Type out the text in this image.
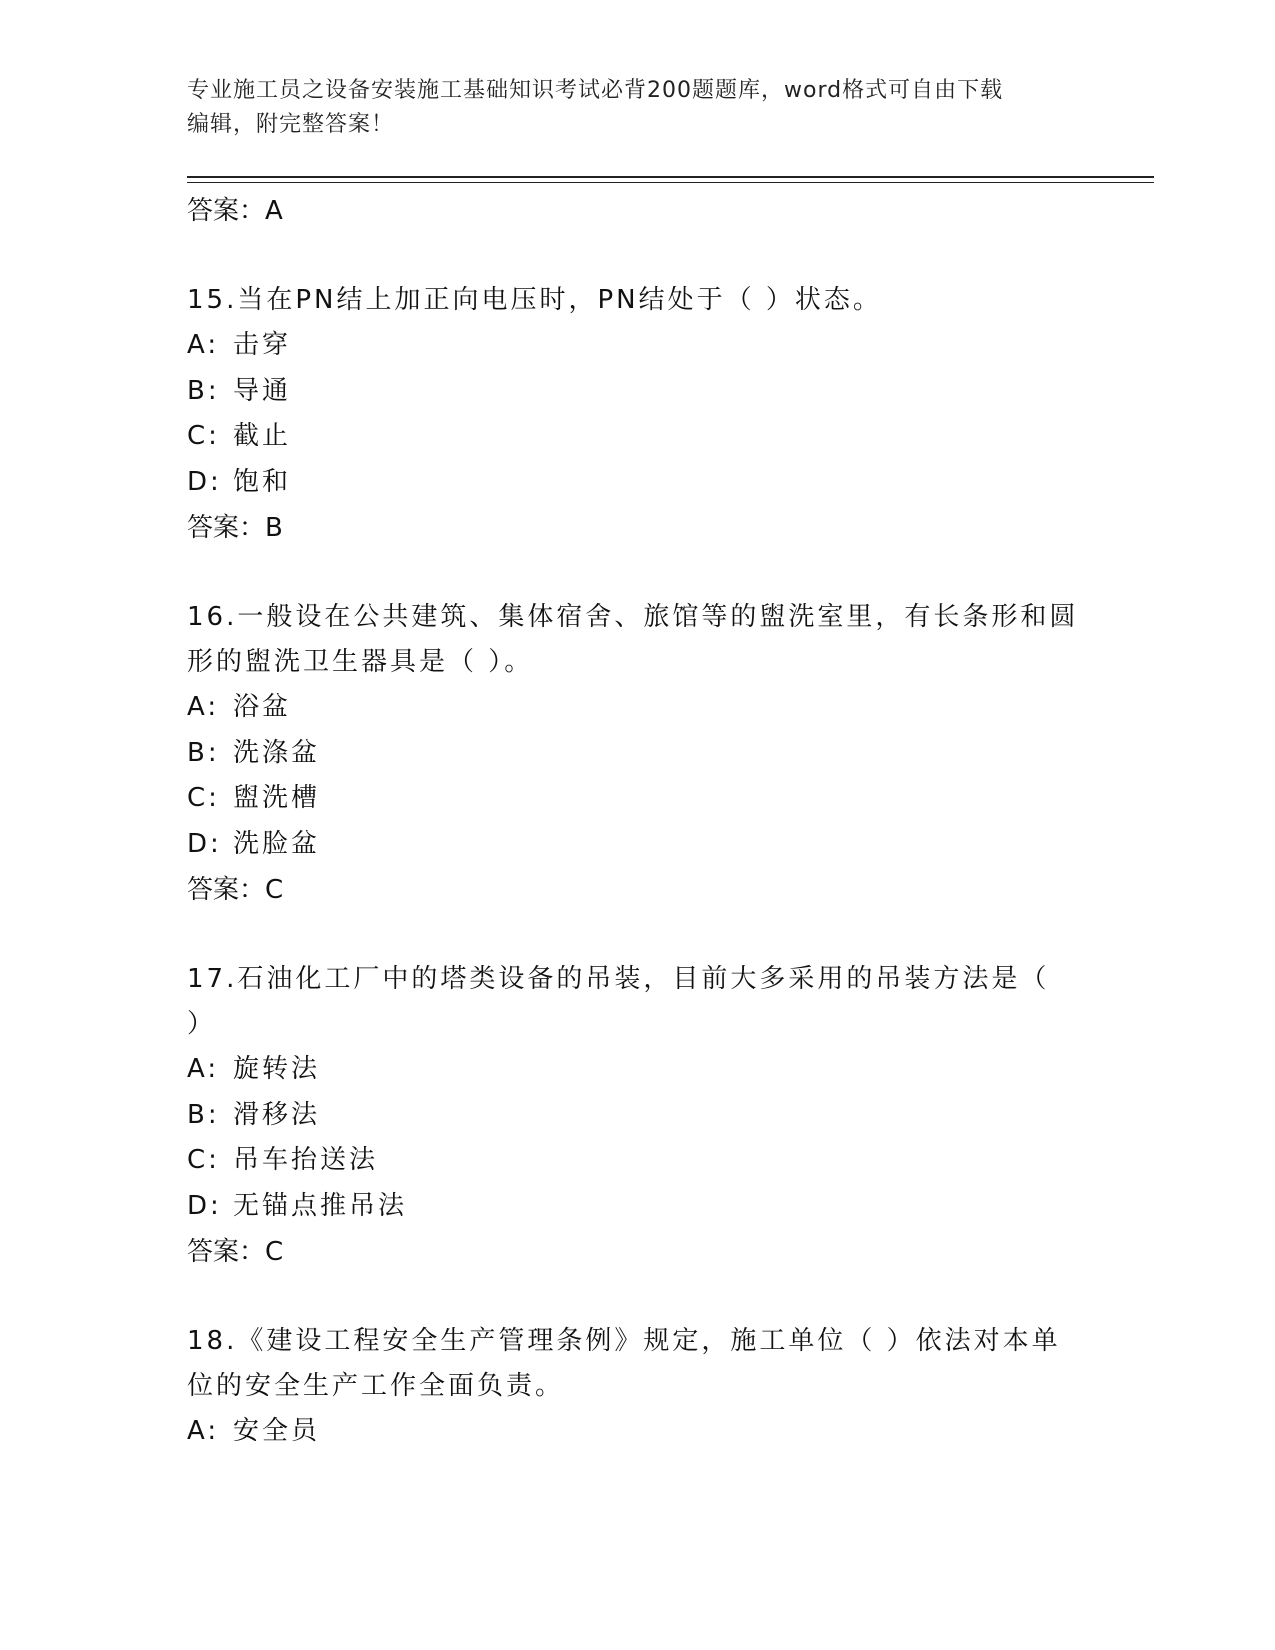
专业施工员之设备安装施工基础知识考试必背200题题库，word格式可自由下载
编辑，附完整答案！

答案：A

15.当在PN结上加正向电压时，PN结处于（ ）状态。

A: 击穿

B: 导通

C: 截止

D: 饱和

答案：B

16.一般设在公共建筑、集体宿舍、旅馆等的盥洗室里，有长条形和圆

形的盥洗卫生器具是（ ）。

A: 浴盆

B: 洗涤盆

C: 盥洗槽

D: 洗脸盆

答案：C

17.石油化工厂中的塔类设备的吊装，目前大多采用的吊装方法是（

）

A: 旋转法

B: 滑移法

C: 吊车抬送法

D: 无锚点推吊法

答案：C

18.《建设工程安全生产管理条例》规定，施工单位（ ）依法对本单

位的安全生产工作全面负责。

A: 安全员
